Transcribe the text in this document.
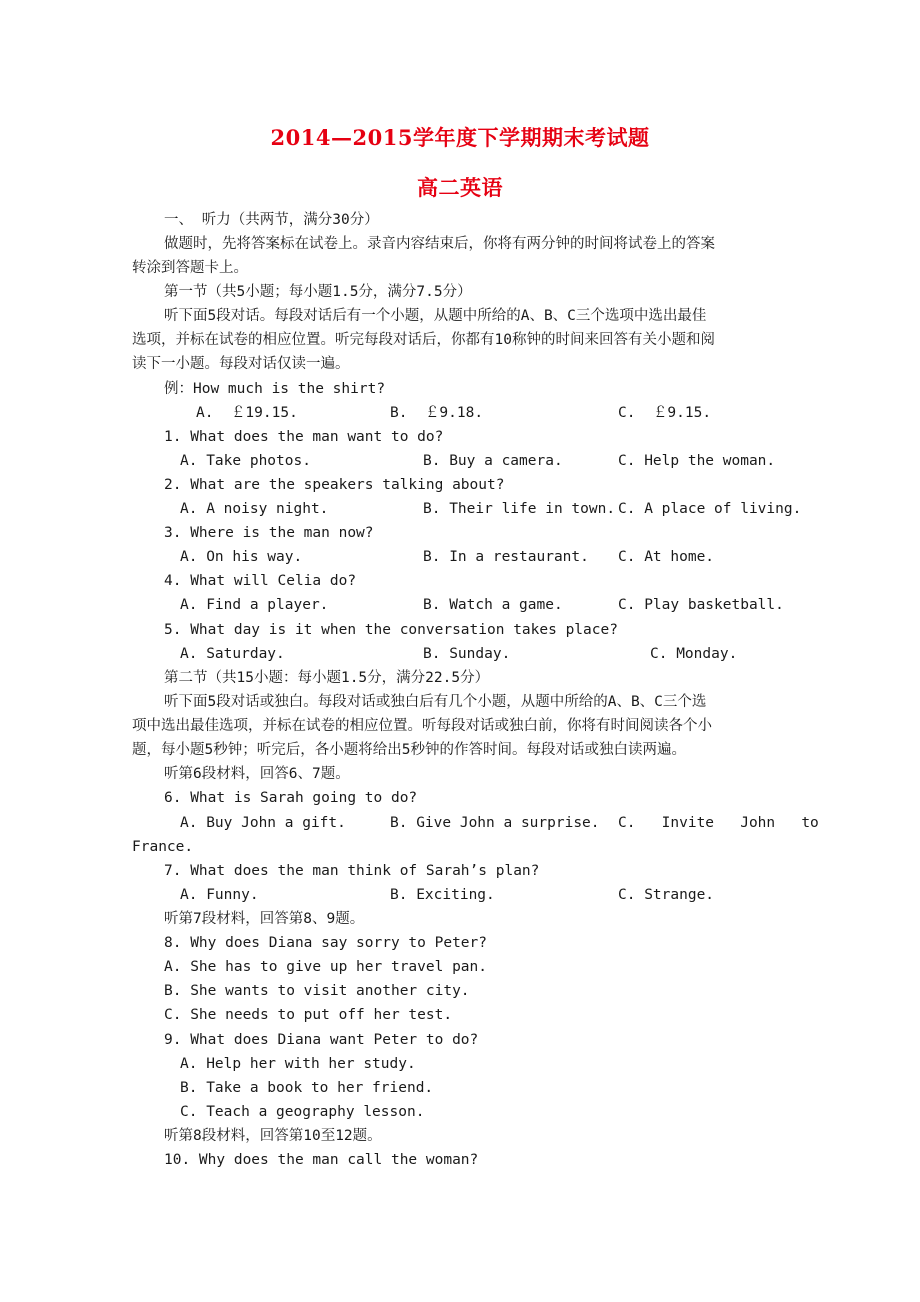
2014—2015学年度下学期期末考试题
高二英语
一、 听力（共两节，满分30分）
做题时，先将答案标在试卷上。录音内容结束后，你将有两分钟的时间将试卷上的答案
转涂到答题卡上。
第一节（共5小题；每小题1.5分，满分7.5分）
听下面5段对话。每段对话后有一个小题，从题中所给的A、B、C三个选项中选出最佳
选项，并标在试卷的相应位置。听完每段对话后，你都有10称钟的时间来回答有关小题和阅
读下一小题。每段对话仅读一遍。
例：How much is the shirt?
A.  ￡19.15.	B.  ￡9.18.	C.  ￡9.15.
1. What does the man want to do?
A. Take photos.	B. Buy a camera.	C. Help the woman.
2. What are the speakers talking about?
A. A noisy night.	B. Their life in town. C. A place of living.
3. Where is the man now?
A. On his way.	B. In a restaurant. C. At home.
4. What will Celia do?
A. Find a player.	B. Watch a game.	C. Play basketball.
5. What day is it when the conversation takes place?
A. Saturday.	B. Sunday.	C. Monday.
第二节（共15小题：每小题1.5分，满分22.5分）
听下面5段对话或独白。每段对话或独白后有几个小题，从题中所给的A、B、C三个选
项中选出最佳选项，并标在试卷的相应位置。听每段对话或独白前，你将有时间阅读各个小
题，每小题5秒钟；听完后，各小题将给出5秒钟的作答时间。每段对话或独白读两遍。
听第6段材料，回答6、7题。
6. What is Sarah going to do?
A. Buy John a gift.	B. Give John a surprise. C.   Invite   John   to
France.
7. What does the man think of Sarah’s plan?
A. Funny.	B. Exciting.	C. Strange.
听第7段材料，回答第8、9题。
8. Why does Diana say sorry to Peter?
A. She has to give up her travel pan.
B. She wants to visit another city.
C. She needs to put off her test.
9. What does Diana want Peter to do?
A. Help her with her study.
B. Take a book to her friend.
C. Teach a geography lesson.
听第8段材料，回答第10至12题。
10. Why does the man call the woman?
